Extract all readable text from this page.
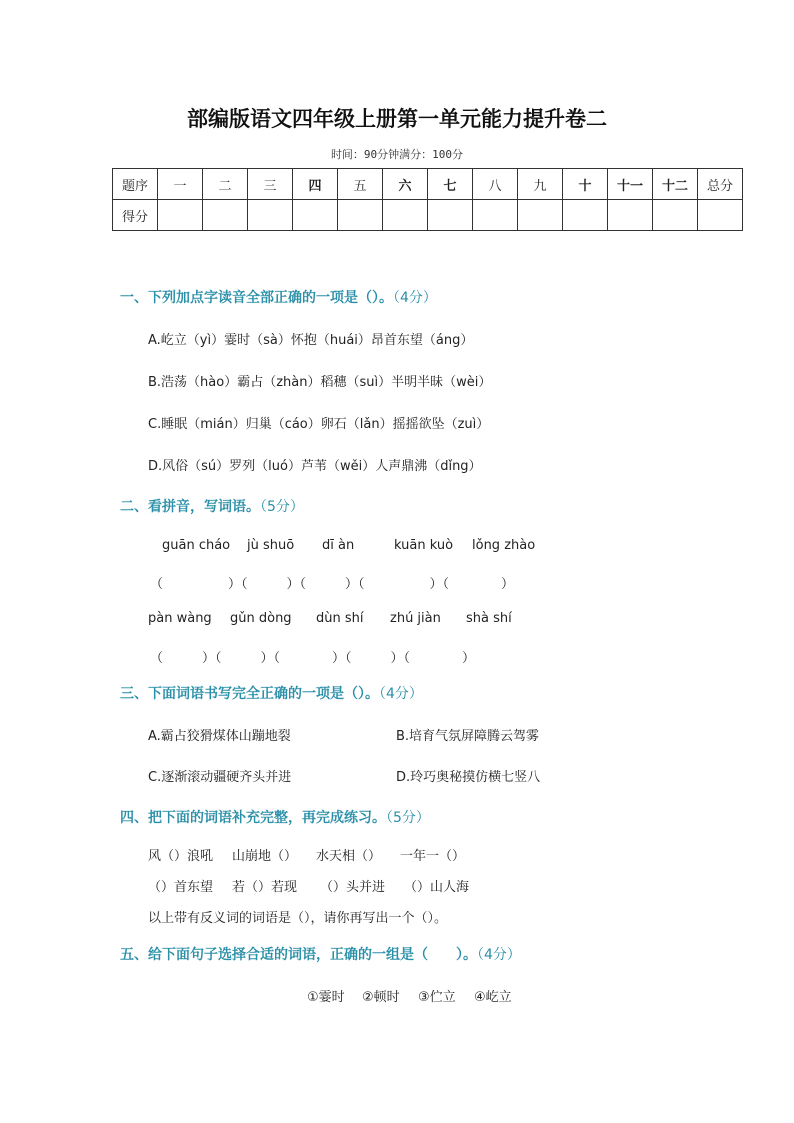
部编版语文四年级上册第一单元能力提升卷二
时间：90分钟满分：100分
题序	一	二	三	四	五	六	七	八	九	十	十一	十二	总分
得分													
一、下列加点字读音全部正确的一项是（）。（4分）
A.屹立（yì）霎时（sà）怀抱（huái）昂首东望（áng）
B.浩荡（hào）霸占（zhàn）稻穗（suì）半明半昧（wèi）
C.睡眠（mián）归巢（cáo）卵石（lǎn）摇摇欲坠（zuì）
D.风俗（sú）罗列（luó）芦苇（wěi）人声鼎沸（dǐng）
二、看拼音，写词语。（5分）
guān cháo jù shuō dī àn	kuān kuò lǒng zhào
（　　　　　）（　　　）（　　　）（　　　　　）（　　　　）
pàn wàng gǔn dòng dùn shí zhú jiàn shà shí
（　　　）（　　　）（　　　　）（　　　）（　　　　）
三、下面词语书写完全正确的一项是（）。（4分）
A.霸占狡猾煤体山蹦地裂	B.培育气氛屏障腾云驾雾
C.逐渐滚动疆硬齐头并进	D.玲巧奥秘摸仿横七竖八
四、把下面的词语补充完整，再完成练习。（5分）
风（）浪吼 山崩地（） 水天相（） 一年一（）
（）首东望 若（）若现 （）头并进 （）山人海
以上带有反义词的词语是（），请你再写出一个（）。
五、给下面句子选择合适的词语，正确的一组是（　　）。（4分）
①霎时 ②顿时 ③伫立 ④屹立
